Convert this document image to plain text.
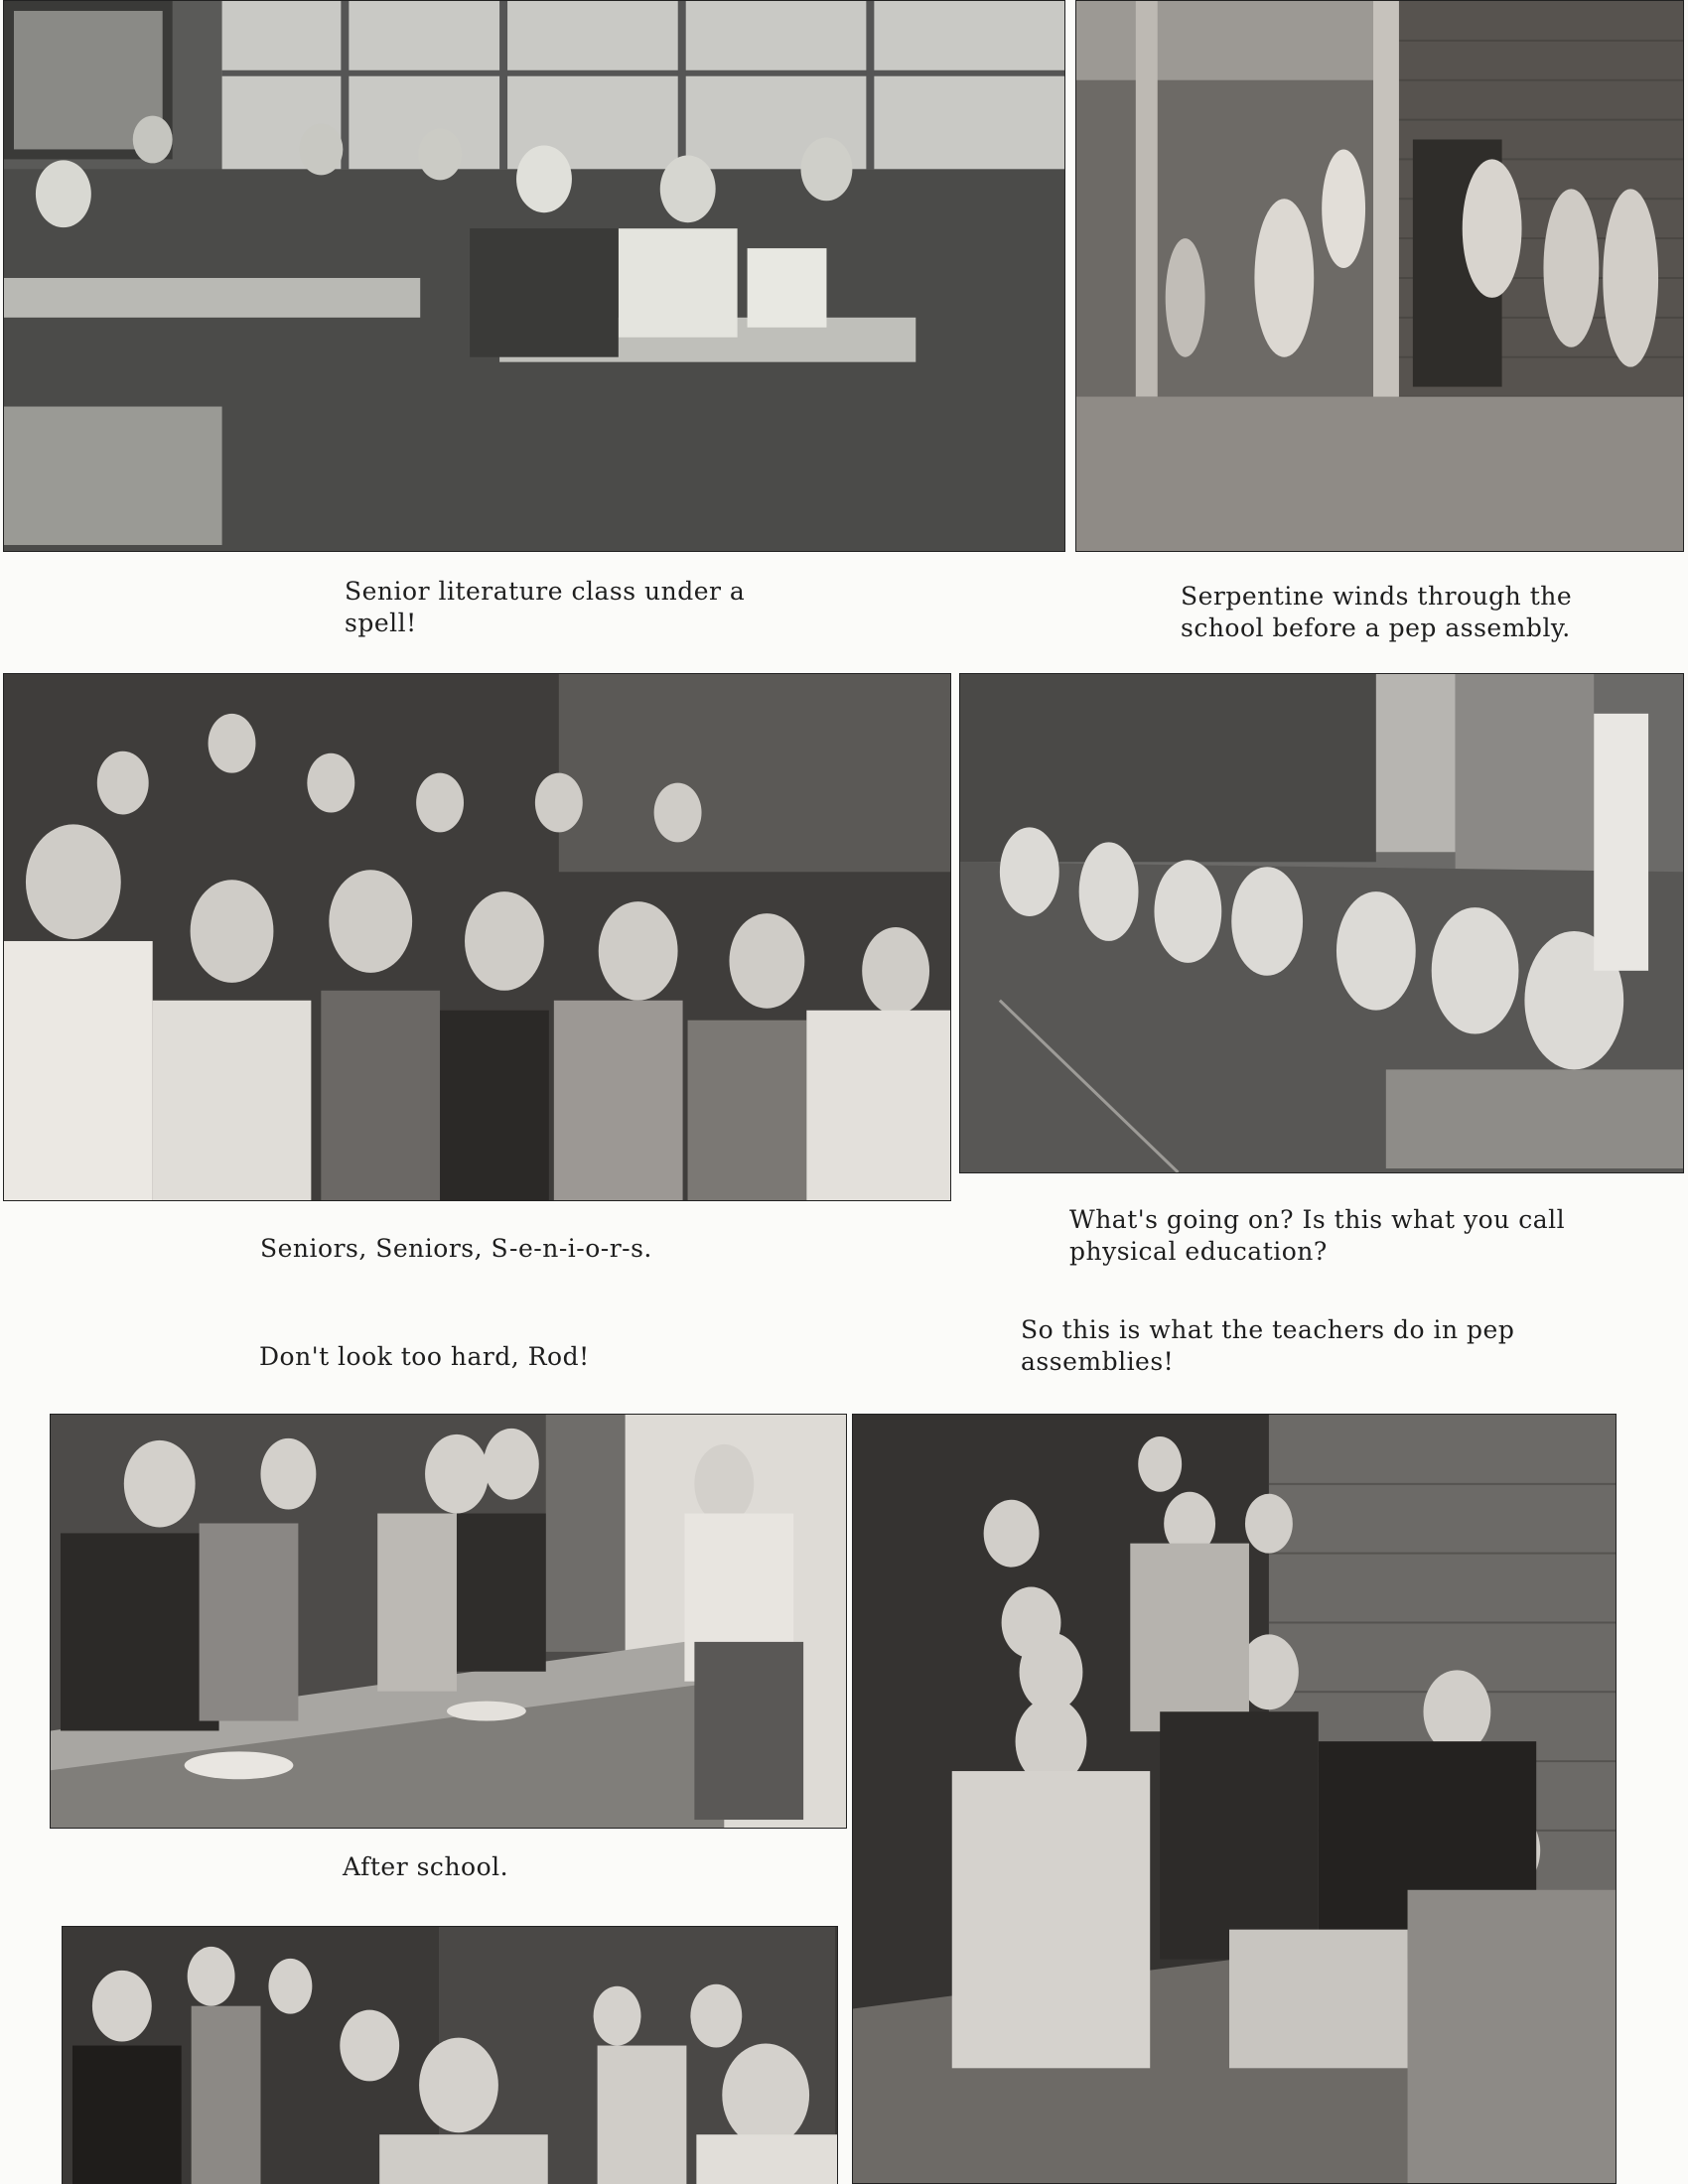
Senior literature class under a
spell!
Serpentine winds through the
school before a pep assembly.
Seniors, Seniors, S-e-n-i-o-r-s.
What's going on? Is this what you call
physical education?
Don't look too hard, Rod!
So this is what the teachers do in pep
assemblies!
After school.
